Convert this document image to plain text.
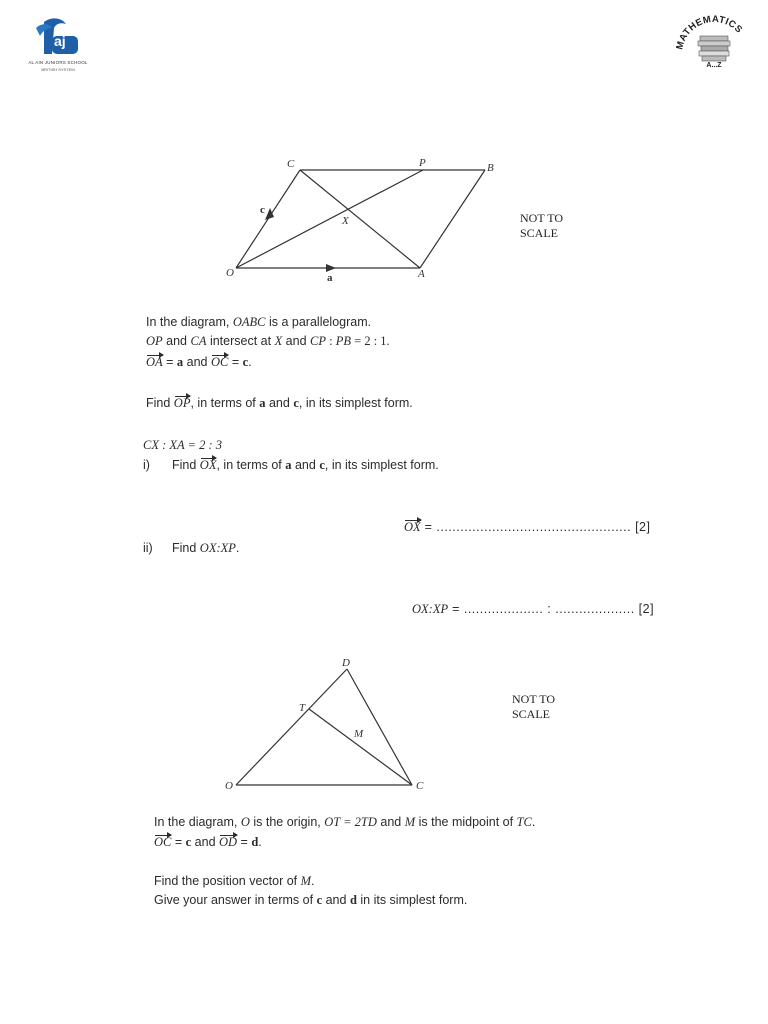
aj
AL AIN JUNIORS SCHOOL
BRITISH SYSTEM
ATHEMATICS
A...Z
C	P	B
X
O	A
c
a
NOT TO
SCALE
In the diagram, OABC is a parallelogram.
OP and CA intersect at X and CP : PB = 2 : 1.
OA = a and OC = c.
Find OP, in terms of a and c, in its simplest form.
CX : XA = 2 : 3
i) Find OX, in terms of a and c, in its simplest form.
OX = ................................................. [2]
ii) Find OX:XP.
OX:XP = .................... : .................... [2]
D
T
M
O	C
NOT TO
SCALE
In the diagram, O is the origin, OT = 2TD and M is the midpoint of TC.
OC = c and OD = d.
Find the position vector of M.
Give your answer in terms of c and d in its simplest form.
